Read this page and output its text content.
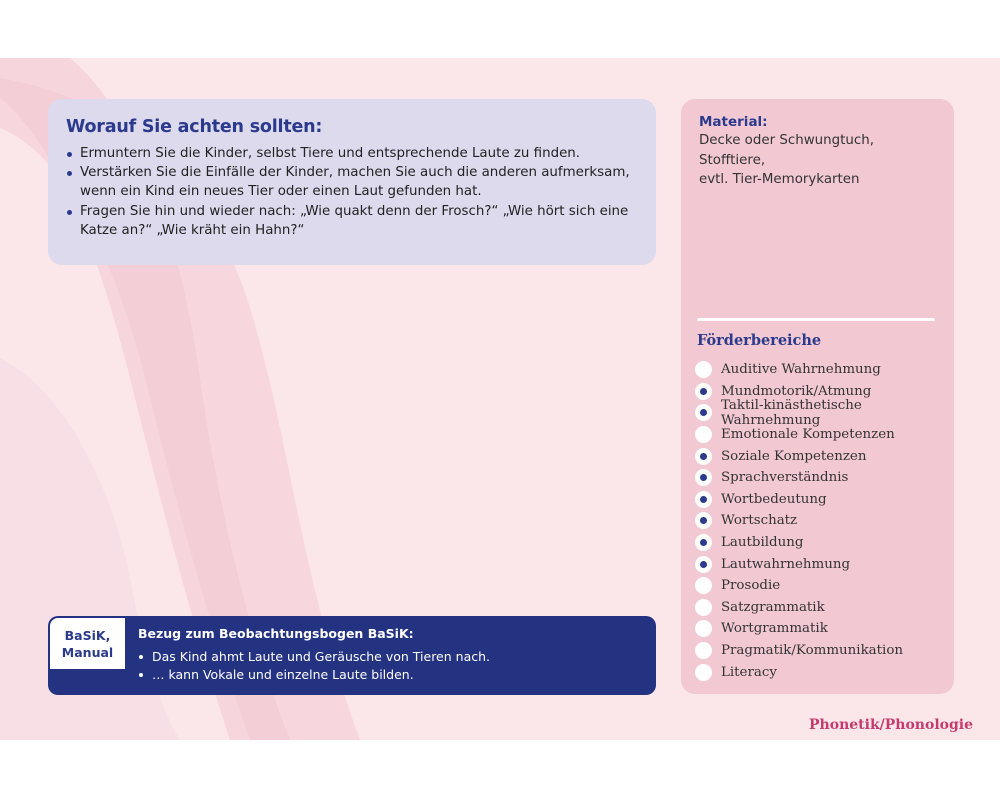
Worauf Sie achten sollten:
Ermuntern Sie die Kinder, selbst Tiere und entsprechende Laute zu finden.
Verstärken Sie die Einfälle der Kinder, machen Sie auch die anderen aufmerksam, wenn ein Kind ein neues Tier oder einen Laut gefunden hat.
Fragen Sie hin und wieder nach: „Wie quakt denn der Frosch?“ „Wie hört sich eine Katze an?“ „Wie kräht ein Hahn?“
Material:
Decke oder Schwungtuch,
Stofftiere,
evtl. Tier-Memorykarten
Förderbereiche
Auditive Wahrnehmung
Mundmotorik/Atmung
Taktil-kinästhetische Wahrnehmung
Emotionale Kompetenzen
Soziale Kompetenzen
Sprachverständnis
Wortbedeutung
Wortschatz
Lautbildung
Lautwahrnehmung
Prosodie
Satzgrammatik
Wortgrammatik
Pragmatik/Kommunikation
Literacy
BaSiK,
Manual
Bezug zum Beobachtungsbogen BaSiK:
Das Kind ahmt Laute und Geräusche von Tieren nach.
… kann Vokale und einzelne Laute bilden.
Phonetik/Phonologie
